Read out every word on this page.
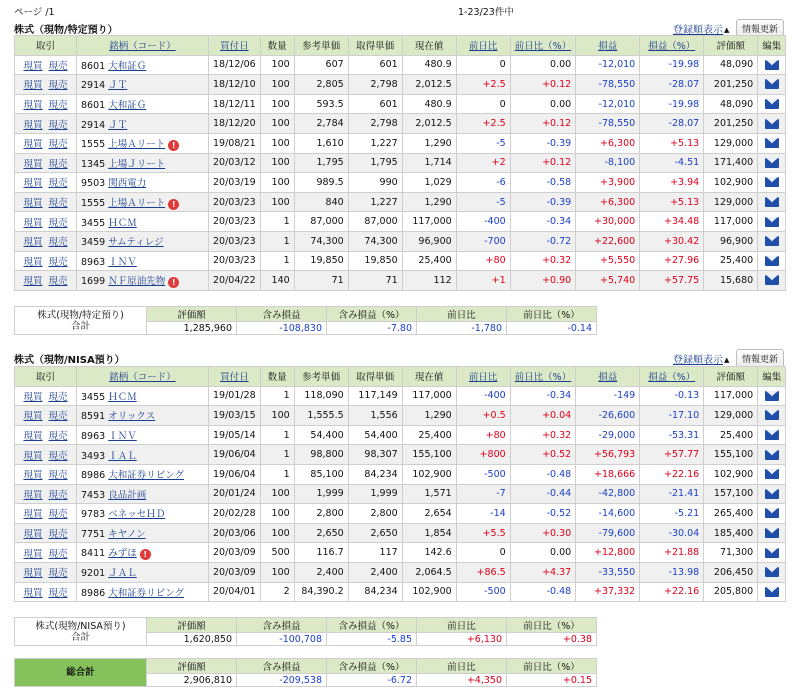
ページ /1	1-23/23件中
株式（現物/特定預り）	登録順表示▲	情報更新
取引	銘柄（コード）	買付日	数量	参考単価	取得単価	現在値	前日比	前日比（%）	損益	損益（%）	評価額	編集
現買 現売	8601 大和証Ｇ	18/12/06	100	607	601	480.9	0	0.00	-12,010	-19.98	48,090	
現買 現売	2914 ＪＴ	18/12/10	100	2,805	2,798	2,012.5	+2.5	+0.12	-78,550	-28.07	201,250	
現買 現売	8601 大和証Ｇ	18/12/11	100	593.5	601	480.9	0	0.00	-12,010	-19.98	48,090	
現買 現売	2914 ＪＴ	18/12/20	100	2,784	2,798	2,012.5	+2.5	+0.12	-78,550	-28.07	201,250	
現買 現売	1555 上場Ａリート !	19/08/21	100	1,610	1,227	1,290	-5	-0.39	+6,300	+5.13	129,000	
現買 現売	1345 上場Ｊリート	20/03/12	100	1,795	1,795	1,714	+2	+0.12	-8,100	-4.51	171,400	
現買 現売	9503 関西電力	20/03/19	100	989.5	990	1,029	-6	-0.58	+3,900	+3.94	102,900	
現買 現売	1555 上場Ａリート !	20/03/23	100	840	1,227	1,290	-5	-0.39	+6,300	+5.13	129,000	
現買 現売	3455 ＨＣＭ	20/03/23	1	87,000	87,000	117,000	-400	-0.34	+30,000	+34.48	117,000	
現買 現売	3459 サムティレジ	20/03/23	1	74,300	74,300	96,900	-700	-0.72	+22,600	+30.42	96,900	
現買 現売	8963 ＩＮＶ	20/03/23	1	19,850	19,850	25,400	+80	+0.32	+5,550	+27.96	25,400	
現買 現売	1699 ＮＦ原油先物 !	20/04/22	140	71	71	112	+1	+0.90	+5,740	+57.75	15,680	
株式(現物/特定預り)
合計	評価額	含み損益	含み損益（%）	前日比	前日比（%）
	1,285,960	-108,830	-7.80	-1,780	-0.14
株式（現物/NISA預り）	登録順表示▲	情報更新
取引	銘柄（コード）	買付日	数量	参考単価	取得単価	現在値	前日比	前日比（%）	損益	損益（%）	評価額	編集
現買 現売	3455 ＨＣＭ	19/01/28	1	118,090	117,149	117,000	-400	-0.34	-149	-0.13	117,000	
現買 現売	8591 オリックス	19/03/15	100	1,555.5	1,556	1,290	+0.5	+0.04	-26,600	-17.10	129,000	
現買 現売	8963 ＩＮＶ	19/05/14	1	54,400	54,400	25,400	+80	+0.32	-29,000	-53.31	25,400	
現買 現売	3493 ＩＡＬ	19/06/04	1	98,800	98,307	155,100	+800	+0.52	+56,793	+57.77	155,100	
現買 現売	8986 大和証券リビング	19/06/04	1	85,100	84,234	102,900	-500	-0.48	+18,666	+22.16	102,900	
現買 現売	7453 良品計画	20/01/24	100	1,999	1,999	1,571	-7	-0.44	-42,800	-21.41	157,100	
現買 現売	9783 ベネッセＨＤ	20/02/28	100	2,800	2,800	2,654	-14	-0.52	-14,600	-5.21	265,400	
現買 現売	7751 キヤノン	20/03/06	100	2,650	2,650	1,854	+5.5	+0.30	-79,600	-30.04	185,400	
現買 現売	8411 みずほ !	20/03/09	500	116.7	117	142.6	0	0.00	+12,800	+21.88	71,300	
現買 現売	9201 ＪＡＬ	20/03/09	100	2,400	2,400	2,064.5	+86.5	+4.37	-33,550	-13.98	206,450	
現買 現売	8986 大和証券リビング	20/04/01	2	84,390.2	84,234	102,900	-500	-0.48	+37,332	+22.16	205,800	
株式(現物/NISA預り)
合計	評価額	含み損益	含み損益（%）	前日比	前日比（%）
	1,620,850	-100,708	-5.85	+6,130	+0.38
総合計	評価額	含み損益	含み損益（%）	前日比	前日比（%）
	2,906,810	-209,538	-6.72	+4,350	+0.15
